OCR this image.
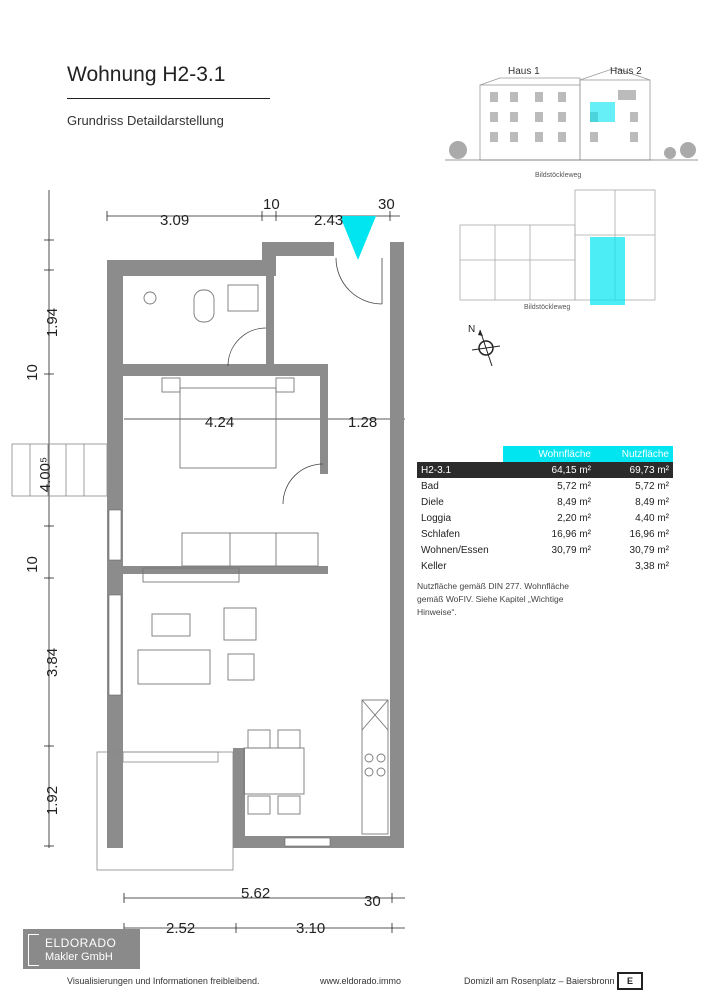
Wohnung H2-3.1
Grundriss Detaildarstellung
Haus 1	Haus 2
Bildstöckleweg
Bildstöckleweg
N
3.09
10
2.43
30
1.94
10
4.00⁵
10
3.84
1.92
4.24	1.28
5.62	30
2.52	3.10
	Wohnfläche	Nutzfläche
H2-3.1	64,15 m²	69,73 m²
Bad	5,72 m²	5,72 m²
Diele	8,49 m²	8,49 m²
Loggia	2,20 m²	4,40 m²
Schlafen	16,96 m²	16,96 m²
Wohnen/Essen	30,79 m²	30,79 m²
Keller		3,38 m²
Nutzfläche gemäß DIN 277. Wohnfläche gemäß WoFIV. Siehe Kapitel „Wichtige Hinweise“.
ELDORADO
Makler GmbH
Visualisierungen und Informationen freibleibend.	www.eldorado.immo	Domizil am Rosenplatz – Baiersbronn	E
